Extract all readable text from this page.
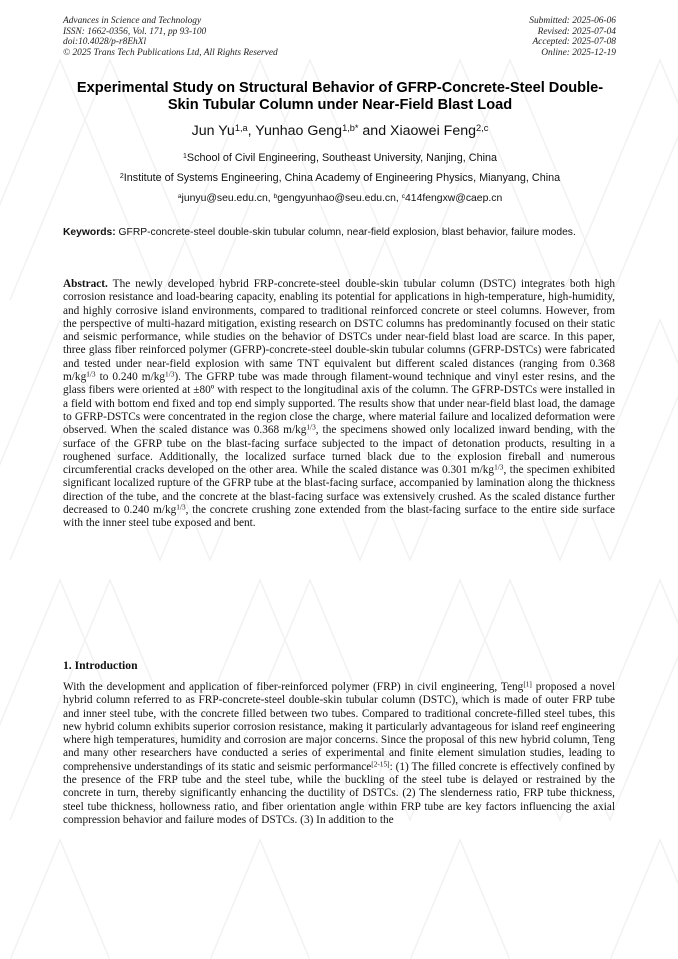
Advances in Science and Technology
ISSN: 1662-0356, Vol. 171, pp 93-100
doi:10.4028/p-r8EhXl
© 2025 Trans Tech Publications Ltd, All Rights Reserved
Submitted: 2025-06-06
Revised: 2025-07-04
Accepted: 2025-07-08
Online: 2025-12-19
Experimental Study on Structural Behavior of GFRP-Concrete-Steel Double-Skin Tubular Column under Near-Field Blast Load
Jun Yu$^{1,a}$, Yunhao Geng$^{1,b*}$ and Xiaowei Feng$^{2,c}$
$^1$School of Civil Engineering, Southeast University, Nanjing, China
$^2$Institute of Systems Engineering, China Academy of Engineering Physics, Mianyang, China
$^a$junyu@seu.edu.cn, $^b$gengyunhao@seu.edu.cn, $^c$414fengxw@caep.cn
Keywords: GFRP-concrete-steel double-skin tubular column, near-field explosion, blast behavior, failure modes.
Abstract. The newly developed hybrid FRP-concrete-steel double-skin tubular column (DSTC) integrates both high corrosion resistance and load-bearing capacity, enabling its potential for applications in high-temperature, high-humidity, and highly corrosive island environments, compared to traditional reinforced concrete or steel columns. However, from the perspective of multi-hazard mitigation, existing research on DSTC columns has predominantly focused on their static and seismic performance, while studies on the behavior of DSTCs under near-field blast load are scarce. In this paper, three glass fiber reinforced polymer (GFRP)-concrete-steel double-skin tubular columns (GFRP-DSTCs) were fabricated and tested under near-field explosion with same TNT equivalent but different scaled distances (ranging from 0.368 $m/kg^{1/3}$ to 0.240 $m/kg^{1/3}$). The GFRP tube was made through filament-wound technique and vinyl ester resins, and the glass fibers were oriented at ±80º with respect to the longitudinal axis of the column. The GFRP-DSTCs were installed in a field with bottom end fixed and top end simply supported. The results show that under near-field blast load, the damage to GFRP-DSTCs were concentrated in the region close the charge, where material failure and localized deformation were observed. When the scaled distance was 0.368 $m/kg^{1/3}$, the specimens showed only localized inward bending, with the surface of the GFRP tube on the blast-facing surface subjected to the impact of detonation products, resulting in a roughened surface. Additionally, the localized surface turned black due to the explosion fireball and numerous circumferential cracks developed on the other area. While the scaled distance was 0.301 $m/kg^{1/3}$, the specimen exhibited significant localized rupture of the GFRP tube at the blast-facing surface, accompanied by lamination along the thickness direction of the tube, and the concrete at the blast-facing surface was extensively crushed. As the scaled distance further decreased to 0.240 $m/kg^{1/3}$, the concrete crushing zone extended from the blast-facing surface to the entire side surface with the inner steel tube exposed and bent.
1. Introduction
With the development and application of fiber-reinforced polymer (FRP) in civil engineering, Teng[1] proposed a novel hybrid column referred to as FRP-concrete-steel double-skin tubular column (DSTC), which is made of outer FRP tube and inner steel tube, with the concrete filled between two tubes. Compared to traditional concrete-filled steel tubes, this new hybrid column exhibits superior corrosion resistance, making it particularly advantageous for island reef engineering where high temperatures, humidity and corrosion are major concerns. Since the proposal of this new hybrid column, Teng and many other researchers have conducted a series of experimental and finite element simulation studies, leading to comprehensive understandings of its static and seismic performance[2-15]: (1) The filled concrete is effectively confined by the presence of the FRP tube and the steel tube, while the buckling of the steel tube is delayed or restrained by the concrete in turn, thereby significantly enhancing the ductility of DSTCs. (2) The slenderness ratio, FRP tube thickness, steel tube thickness, hollowness ratio, and fiber orientation angle within FRP tube are key factors influencing the axial compression behavior and failure modes of DSTCs. (3) In addition to the
